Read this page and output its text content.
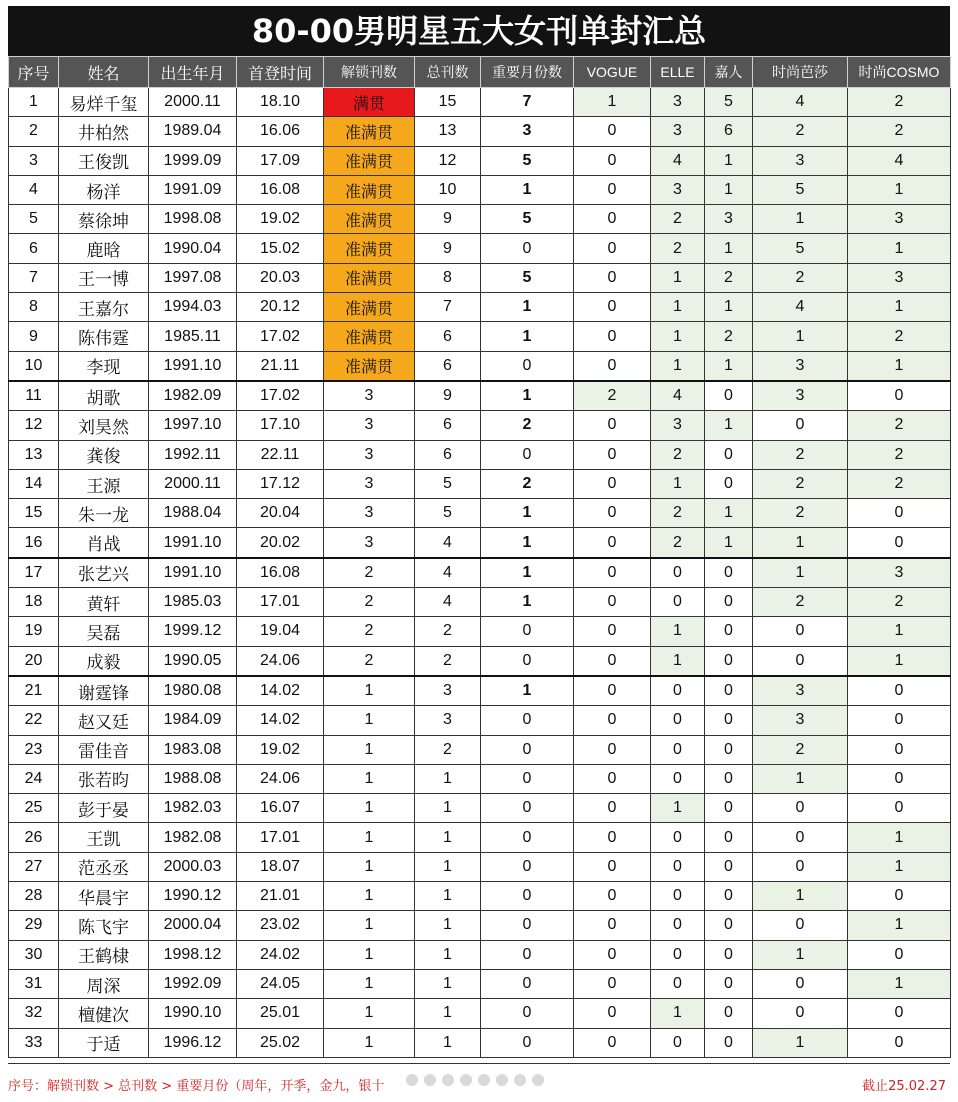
80-00男明星五大女刊单封汇总
序号	姓名	出生年月	首登时间	解锁刊数	总刊数	重要月份数	VOGUE	ELLE	嘉人	时尚芭莎	时尚COSMO
1	易烊千玺	2000.11	18.10	满贯	15	7	1	3	5	4	2
2	井柏然	1989.04	16.06	准满贯	13	3	0	3	6	2	2
3	王俊凯	1999.09	17.09	准满贯	12	5	0	4	1	3	4
4	杨洋	1991.09	16.08	准满贯	10	1	0	3	1	5	1
5	蔡徐坤	1998.08	19.02	准满贯	9	5	0	2	3	1	3
6	鹿晗	1990.04	15.02	准满贯	9	0	0	2	1	5	1
7	王一博	1997.08	20.03	准满贯	8	5	0	1	2	2	3
8	王嘉尔	1994.03	20.12	准满贯	7	1	0	1	1	4	1
9	陈伟霆	1985.11	17.02	准满贯	6	1	0	1	2	1	2
10	李现	1991.10	21.11	准满贯	6	0	0	1	1	3	1
11	胡歌	1982.09	17.02	3	9	1	2	4	0	3	0
12	刘昊然	1997.10	17.10	3	6	2	0	3	1	0	2
13	龚俊	1992.11	22.11	3	6	0	0	2	0	2	2
14	王源	2000.11	17.12	3	5	2	0	1	0	2	2
15	朱一龙	1988.04	20.04	3	5	1	0	2	1	2	0
16	肖战	1991.10	20.02	3	4	1	0	2	1	1	0
17	张艺兴	1991.10	16.08	2	4	1	0	0	0	1	3
18	黄轩	1985.03	17.01	2	4	1	0	0	0	2	2
19	吴磊	1999.12	19.04	2	2	0	0	1	0	0	1
20	成毅	1990.05	24.06	2	2	0	0	1	0	0	1
21	谢霆锋	1980.08	14.02	1	3	1	0	0	0	3	0
22	赵又廷	1984.09	14.02	1	3	0	0	0	0	3	0
23	雷佳音	1983.08	19.02	1	2	0	0	0	0	2	0
24	张若昀	1988.08	24.06	1	1	0	0	0	0	1	0
25	彭于晏	1982.03	16.07	1	1	0	0	1	0	0	0
26	王凯	1982.08	17.01	1	1	0	0	0	0	0	1
27	范丞丞	2000.03	18.07	1	1	0	0	0	0	0	1
28	华晨宇	1990.12	21.01	1	1	0	0	0	0	1	0
29	陈飞宇	2000.04	23.02	1	1	0	0	0	0	0	1
30	王鹤棣	1998.12	24.02	1	1	0	0	0	0	1	0
31	周深	1992.09	24.05	1	1	0	0	0	0	0	1
32	檀健次	1990.10	25.01	1	1	0	0	1	0	0	0
33	于适	1996.12	25.02	1	1	0	0	0	0	1	0
序号：解锁刊数 > 总刊数 > 重要月份（周年，开季，金九，银十	截止25.02.27
